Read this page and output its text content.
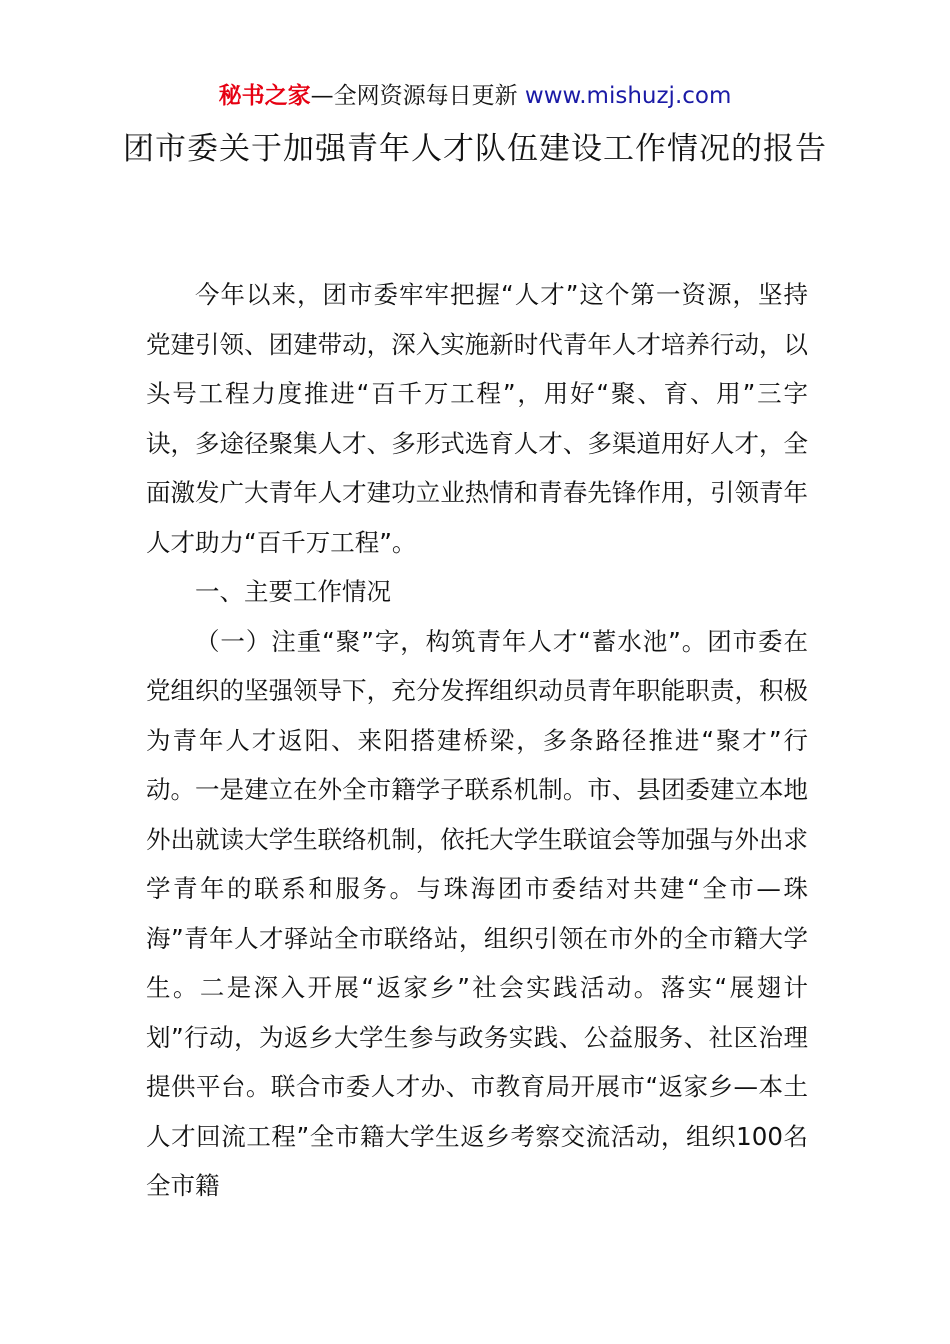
秘书之家—全网资源每日更新 www.mishuzj.com
团市委关于加强青年人才队伍建设工作情况的报告

今年以来，团市委牢牢把握“人才”这个第一资源，坚持党建引领、团建带动，深入实施新时代青年人才培养行动，以头号工程力度推进“百千万工程”，用好“聚、育、用”三字诀，多途径聚集人才、多形式选育人才、多渠道用好人才，全面激发广大青年人才建功立业热情和青春先锋作用，引领青年人才助力“百千万工程”。

一、主要工作情况

（一）注重“聚”字，构筑青年人才“蓄水池”。团市委在党组织的坚强领导下，充分发挥组织动员青年职能职责，积极为青年人才返阳、来阳搭建桥梁，多条路径推进“聚才”行动。一是建立在外全市籍学子联系机制。市、县团委建立本地外出就读大学生联络机制，依托大学生联谊会等加强与外出求学青年的联系和服务。与珠海团市委结对共建“全市—珠海”青年人才驿站全市联络站，组织引领在市外的全市籍大学生。二是深入开展“返家乡”社会实践活动。落实“展翅计划”行动，为返乡大学生参与政务实践、公益服务、社区治理提供平台。联合市委人才办、市教育局开展市“返家乡—本土人才回流工程”全市籍大学生返乡考察交流活动，组织100名全市籍
